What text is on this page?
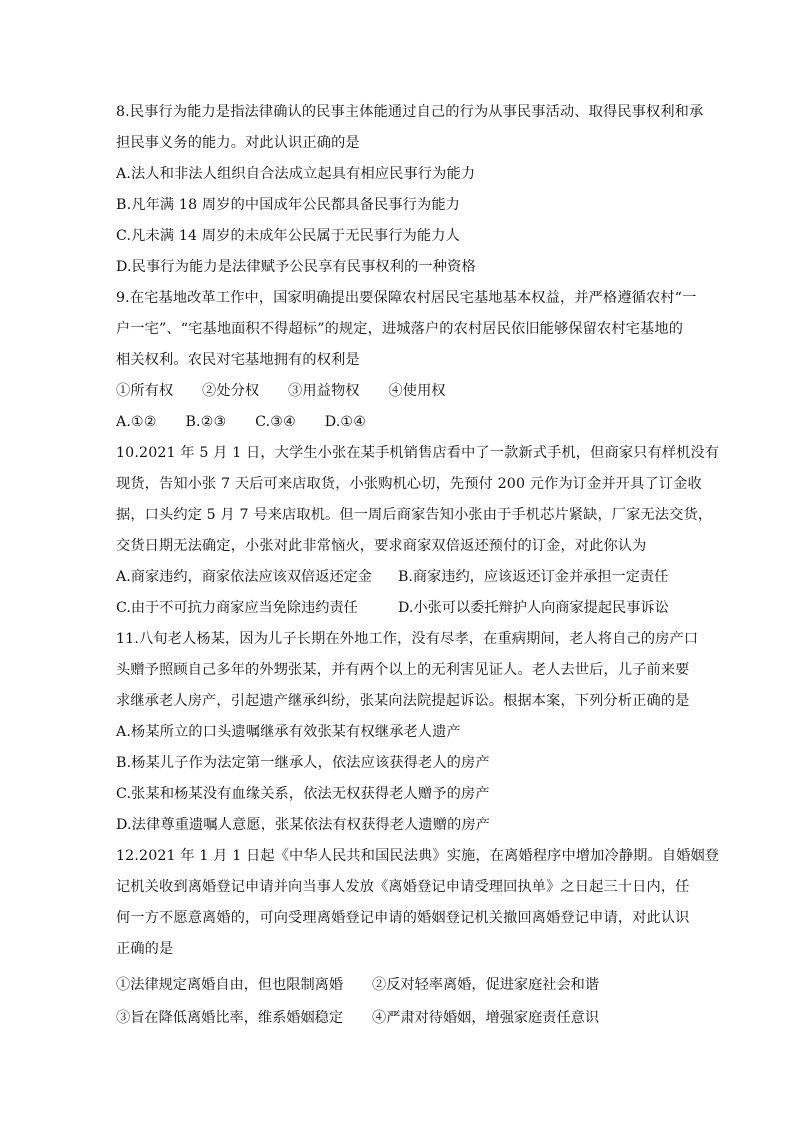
8.民事行为能力是指法律确认的民事主体能通过自己的行为从事民事活动、取得民事权利和承
担民事义务的能力。对此认识正确的是
A.法人和非法人组织自合法成立起具有相应民事行为能力
B.凡年满 18 周岁的中国成年公民都具备民事行为能力
C.凡未满 14 周岁的未成年公民属于无民事行为能力人
D.民事行为能力是法律赋予公民享有民事权利的一种资格
9.在宅基地改革工作中，国家明确提出要保障农村居民宅基地基本权益，并严格遵循农村“一
户一宅”、“宅基地面积不得超标”的规定，进城落户的农村居民依旧能够保留农村宅基地的
相关权利。农民对宅基地拥有的权利是
①所有权　　②处分权　　③用益物权　　④使用权
A.①②　　B.②③　　C.③④　　D.①④
10.2021 年 5 月 1 日，大学生小张在某手机销售店看中了一款新式手机，但商家只有样机没有
现货，告知小张 7 天后可来店取货，小张购机心切，先预付 200 元作为订金并开具了订金收
据，口头约定 5 月 7 号来店取机。但一周后商家告知小张由于手机芯片紧缺，厂家无法交货，
交货日期无法确定，小张对此非常恼火，要求商家双倍返还预付的订金，对此你认为
A.商家违约，商家依法应该双倍返还定金 B.商家违约，应该返还订金并承担一定责任
C.由于不可抗力商家应当免除违约责任	D.小张可以委托辩护人向商家提起民事诉讼
11.八旬老人杨某，因为儿子长期在外地工作，没有尽孝，在重病期间，老人将自己的房产口
头赠予照顾自己多年的外甥张某，并有两个以上的无利害见证人。老人去世后，儿子前来要
求继承老人房产，引起遗产继承纠纷，张某向法院提起诉讼。根据本案，下列分析正确的是
A.杨某所立的口头遗嘱继承有效张某有权继承老人遗产
B.杨某儿子作为法定第一继承人，依法应该获得老人的房产
C.张某和杨某没有血缘关系，依法无权获得老人赠予的房产
D.法律尊重遗嘱人意愿，张某依法有权获得老人遗赠的房产
12.2021 年 1 月 1 日起《中华人民共和国民法典》实施，在离婚程序中增加冷静期。自婚姻登
记机关收到离婚登记申请并向当事人发放《离婚登记申请受理回执单》之日起三十日内，任
何一方不愿意离婚的，可向受理离婚登记申请的婚姻登记机关撤回离婚登记申请，对此认识
正确的是
①法律规定离婚自由，但也限制离婚 ②反对轻率离婚，促进家庭社会和谐
③旨在降低离婚比率，维系婚姻稳定 ④严肃对待婚姻，增强家庭责任意识
